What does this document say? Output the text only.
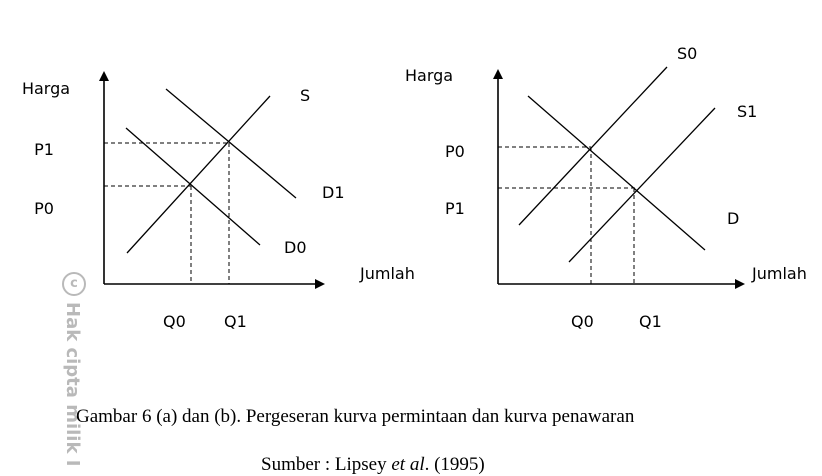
S
D1
D0
Jumlah
Q0 Q1
Harga
P0
P1
S0
S1
D
Jumlah
Q0	Q1
Harga
P1
P0
c
Hak cipta milik I
Gambar 6 (a) dan (b). Pergeseran kurva permintaan dan kurva penawaran
Sumber : Lipsey et al. (1995)
